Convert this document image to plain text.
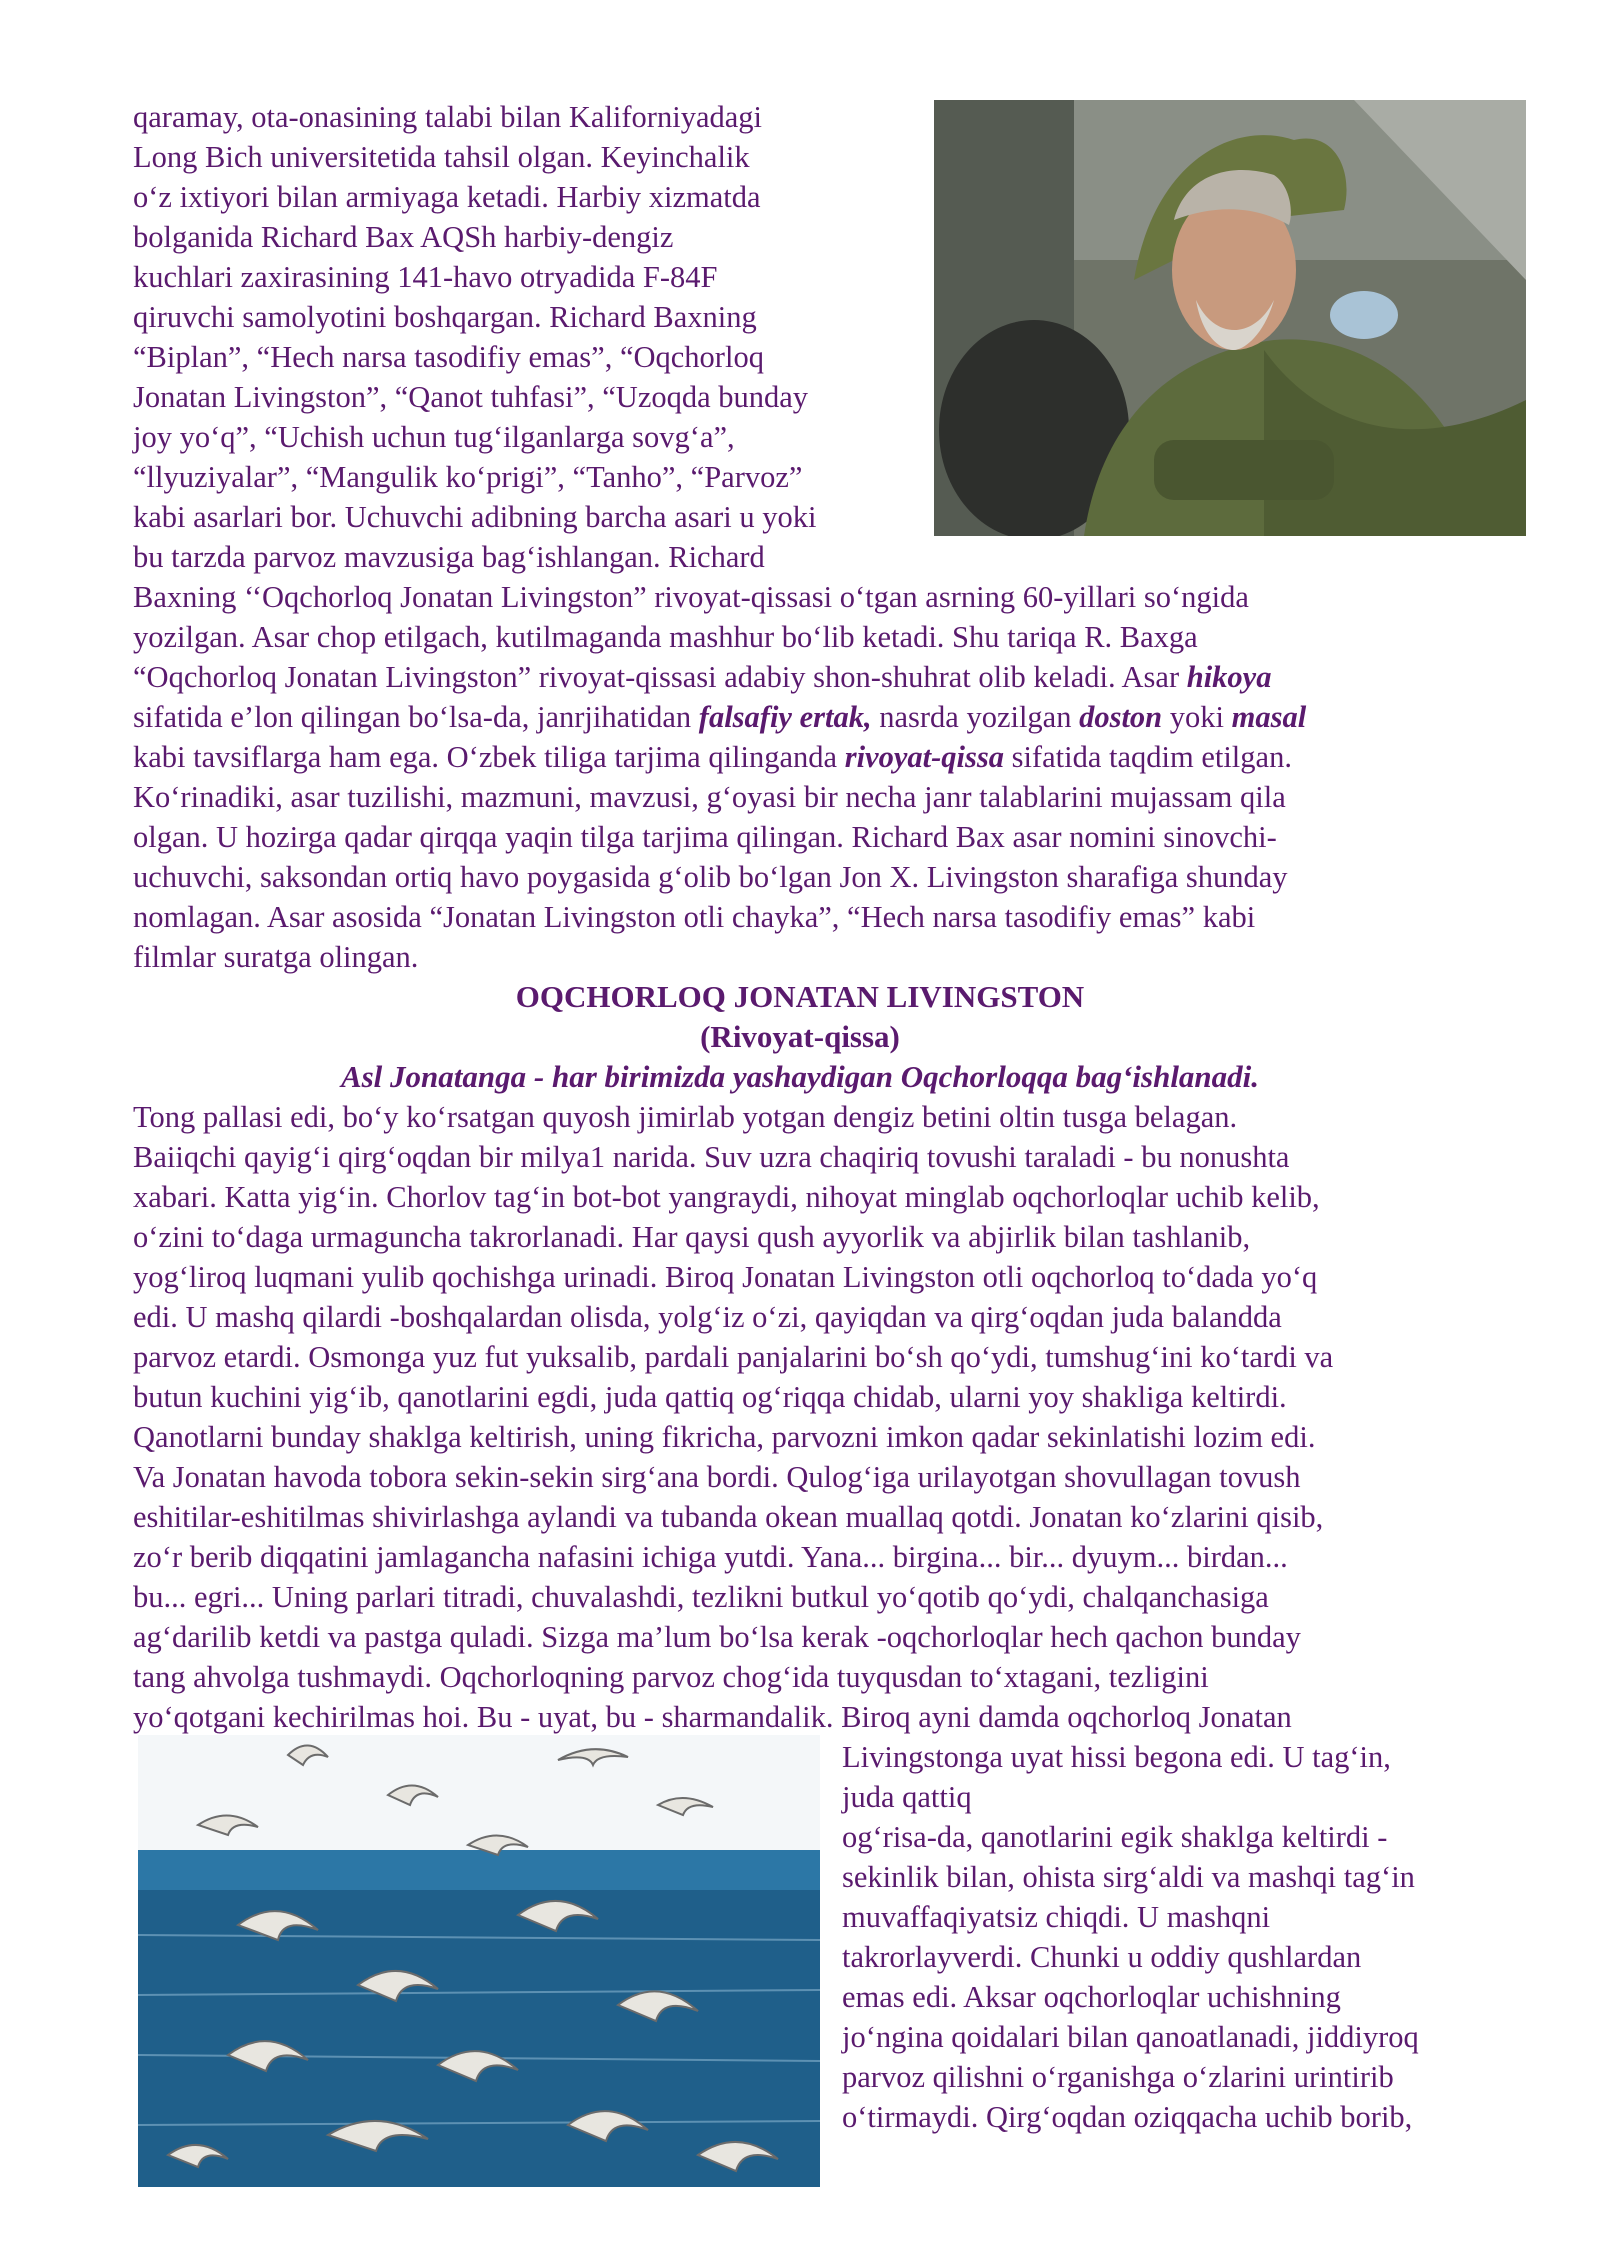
qaramay, ota-onasining talabi bilan Kaliforniyadagi

Long Bich universitetida tahsil olgan. Keyinchalik

o‘z ixtiyori bilan armiyaga ketadi. Harbiy xizmatda

bolganida Richard Bax AQSh harbiy-dengiz

kuchlari zaxirasining 141-havo otryadida F-84F

qiruvchi samolyotini boshqargan. Richard Baxning

“Biplan”, “Hech narsa tasodifiy emas”, “Oqchorloq

Jonatan Livingston”, “Qanot tuhfasi”, “Uzoqda bunday

joy yo‘q”, “Uchish uchun tug‘ilganlarga sovg‘a”,

“llyuziyalar”, “Mangulik ko‘prigi”, “Tanho”, “Parvoz”

kabi asarlari bor. Uchuvchi adibning barcha asari u yoki

bu tarzda parvoz mavzusiga bag‘ishlangan. Richard

Baxning ‘‘Oqchorloq Jonatan Livingston” rivoyat-qissasi o‘tgan asrning 60-yillari so‘ngida

yozilgan. Asar chop etilgach, kutilmaganda mashhur bo‘lib ketadi. Shu tariqa R. Baxga

“Oqchorloq Jonatan Livingston” rivoyat-qissasi adabiy shon-shuhrat olib keladi. Asar hikoya

sifatida e’lon qilingan bo‘lsa-da, janrjihatidan falsafiy ertak, nasrda yozilgan doston yoki masal

kabi tavsiflarga ham ega. O‘zbek tiliga tarjima qilinganda rivoyat-qissa sifatida taqdim etilgan.

Ko‘rinadiki, asar tuzilishi, mazmuni, mavzusi, g‘oyasi bir necha janr talablarini mujassam qila

olgan. U hozirga qadar qirqqa yaqin tilga tarjima qilingan. Richard Bax asar nomini sinovchi-

uchuvchi, saksondan ortiq havo poygasida g‘olib bo‘lgan Jon X. Livingston sharafiga shunday

nomlagan. Asar asosida “Jonatan Livingston otli chayka”, “Hech narsa tasodifiy emas” kabi

filmlar suratga olingan.

OQCHORLOQ JONATAN LIVINGSTON

(Rivoyat-qissa)

Asl Jonatanga - har birimizda yashaydigan Oqchorloqqa bag‘ishlanadi.

Tong pallasi edi, bo‘y ko‘rsatgan quyosh jimirlab yotgan dengiz betini oltin tusga belagan.

Baiiqchi qayig‘i qirg‘oqdan bir milya1 narida. Suv uzra chaqiriq tovushi taraladi - bu nonushta

xabari. Katta yig‘in. Chorlov tag‘in bot-bot yangraydi, nihoyat minglab oqchorloqlar uchib kelib,

o‘zini to‘daga urmaguncha takrorlanadi. Har qaysi qush ayyorlik va abjirlik bilan tashlanib,

yog‘liroq luqmani yulib qochishga urinadi. Biroq Jonatan Livingston otli oqchorloq to‘dada yo‘q

edi. U mashq qilardi -boshqalardan olisda, yolg‘iz o‘zi, qayiqdan va qirg‘oqdan juda balandda

parvoz etardi. Osmonga yuz fut yuksalib, pardali panjalarini bo‘sh qo‘ydi, tumshug‘ini ko‘tardi va

butun kuchini yig‘ib, qanotlarini egdi, juda qattiq og‘riqqa chidab, ularni yoy shakliga keltirdi.

Qanotlarni bunday shaklga keltirish, uning fikricha, parvozni imkon qadar sekinlatishi lozim edi.

Va Jonatan havoda tobora sekin-sekin sirg‘ana bordi. Qulog‘iga urilayotgan shovullagan tovush

eshitilar-eshitilmas shivirlashga aylandi va tubanda okean muallaq qotdi. Jonatan ko‘zlarini qisib,

zo‘r berib diqqatini jamlagancha nafasini ichiga yutdi. Yana... birgina... bir... dyuym... birdan...

bu... egri... Uning parlari titradi, chuvalashdi, tezlikni butkul yo‘qotib qo‘ydi, chalqanchasiga

ag‘darilib ketdi va pastga quladi. Sizga ma’lum bo‘lsa kerak -oqchorloqlar hech qachon bunday

tang ahvolga tushmaydi. Oqchorloqning parvoz chog‘ida tuyqusdan to‘xtagani, tezligini

yo‘qotgani kechirilmas hoi. Bu - uyat, bu - sharmandalik. Biroq ayni damda oqchorloq Jonatan

Livingstonga uyat hissi begona edi. U tag‘in,

juda qattiq

og‘risa-da, qanotlarini egik shaklga keltirdi -

sekinlik bilan, ohista sirg‘aldi va mashqi tag‘in

muvaffaqiyatsiz chiqdi. U mashqni

takrorlayverdi. Chunki u oddiy qushlardan

emas edi. Aksar oqchorloqlar uchishning

jo‘ngina qoidalari bilan qanoatlanadi, jiddiyroq

parvoz qilishni o‘rganishga o‘zlarini urintirib

o‘tirmaydi. Qirg‘oqdan oziqqacha uchib borib,
